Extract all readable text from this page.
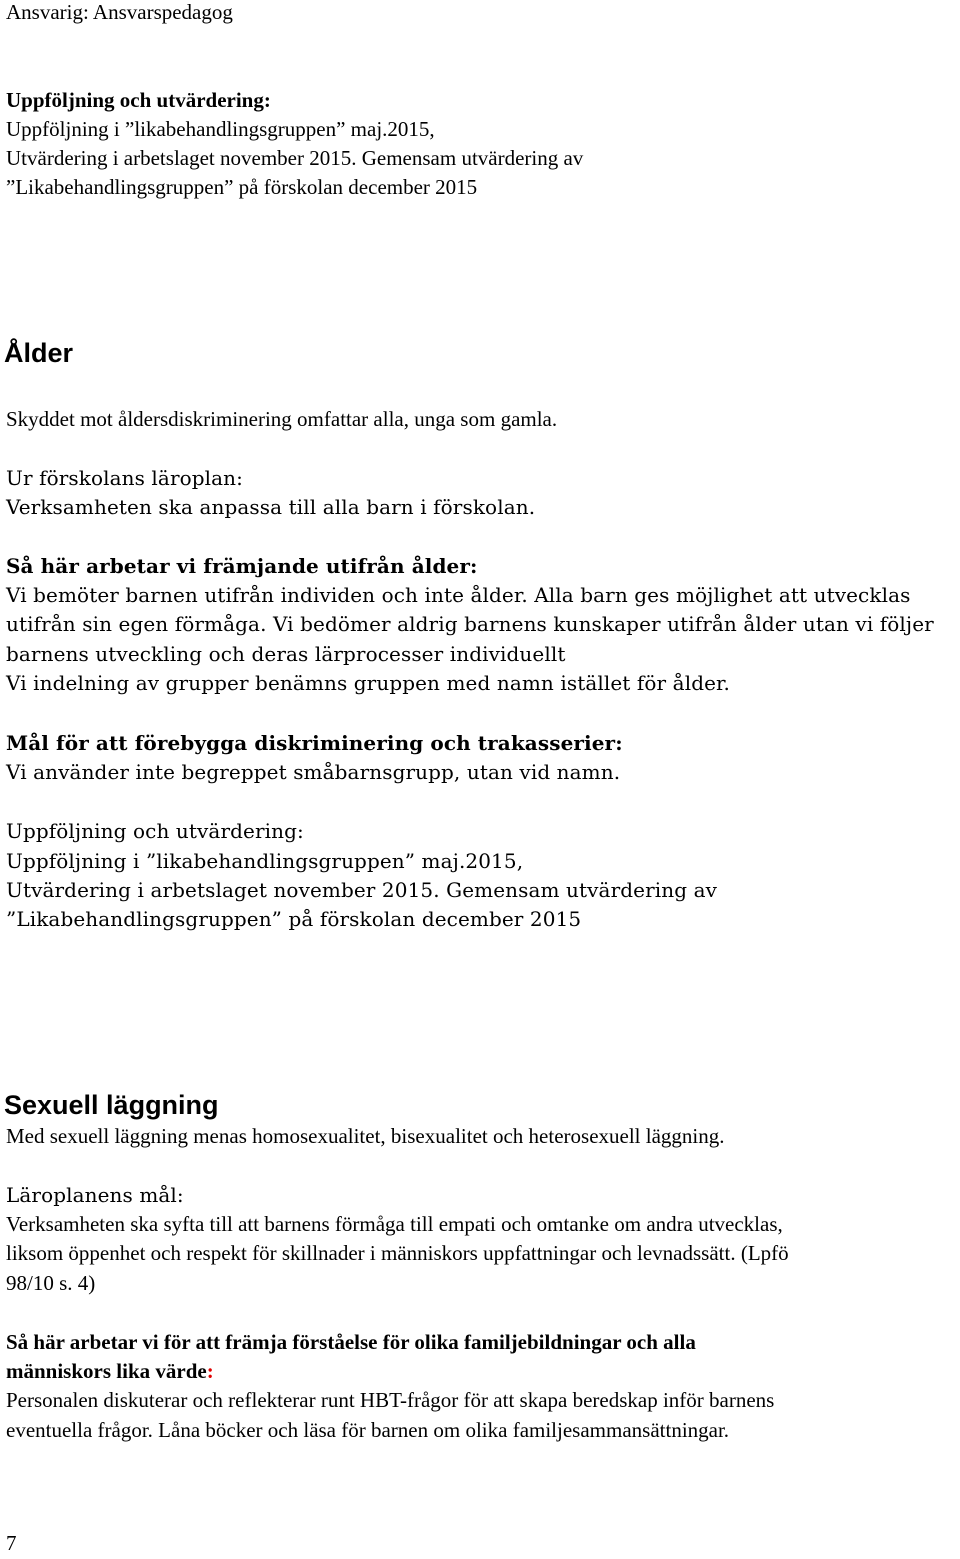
Ansvarig: Ansvarspedagog
Uppföljning och utvärdering:
Uppföljning i ”likabehandlingsgruppen” maj.2015,
Utvärdering i arbetslaget november 2015. Gemensam utvärdering av
”Likabehandlingsgruppen” på förskolan december 2015
Ålder
Skyddet mot åldersdiskriminering omfattar alla, unga som gamla.
Ur förskolans läroplan:
Verksamheten ska anpassa till alla barn i förskolan.
Så här arbetar vi främjande utifrån ålder:
Vi bemöter barnen utifrån individen och inte ålder. Alla barn ges möjlighet att utvecklas
utifrån sin egen förmåga. Vi bedömer aldrig barnens kunskaper utifrån ålder utan vi följer
barnens utveckling och deras lärprocesser individuellt
Vi indelning av grupper benämns gruppen med namn istället för ålder.
Mål för att förebygga diskriminering och trakasserier:
Vi använder inte begreppet småbarnsgrupp, utan vid namn.
Uppföljning och utvärdering:
Uppföljning i ”likabehandlingsgruppen” maj.2015,
Utvärdering i arbetslaget november 2015. Gemensam utvärdering av
”Likabehandlingsgruppen” på förskolan december 2015
Sexuell läggning
Med sexuell läggning menas homosexualitet, bisexualitet och heterosexuell läggning.
Läroplanens mål:
Verksamheten ska syfta till att barnens förmåga till empati och omtanke om andra utvecklas,
liksom öppenhet och respekt för skillnader i människors uppfattningar och levnadssätt. (Lpfö
98/10 s. 4)
Så här arbetar vi för att främja förståelse för olika familjebildningar och alla
människors lika värde:
Personalen diskuterar och reflekterar runt HBT-frågor för att skapa beredskap inför barnens
eventuella frågor. Låna böcker och läsa för barnen om olika familjesammansättningar.
7
